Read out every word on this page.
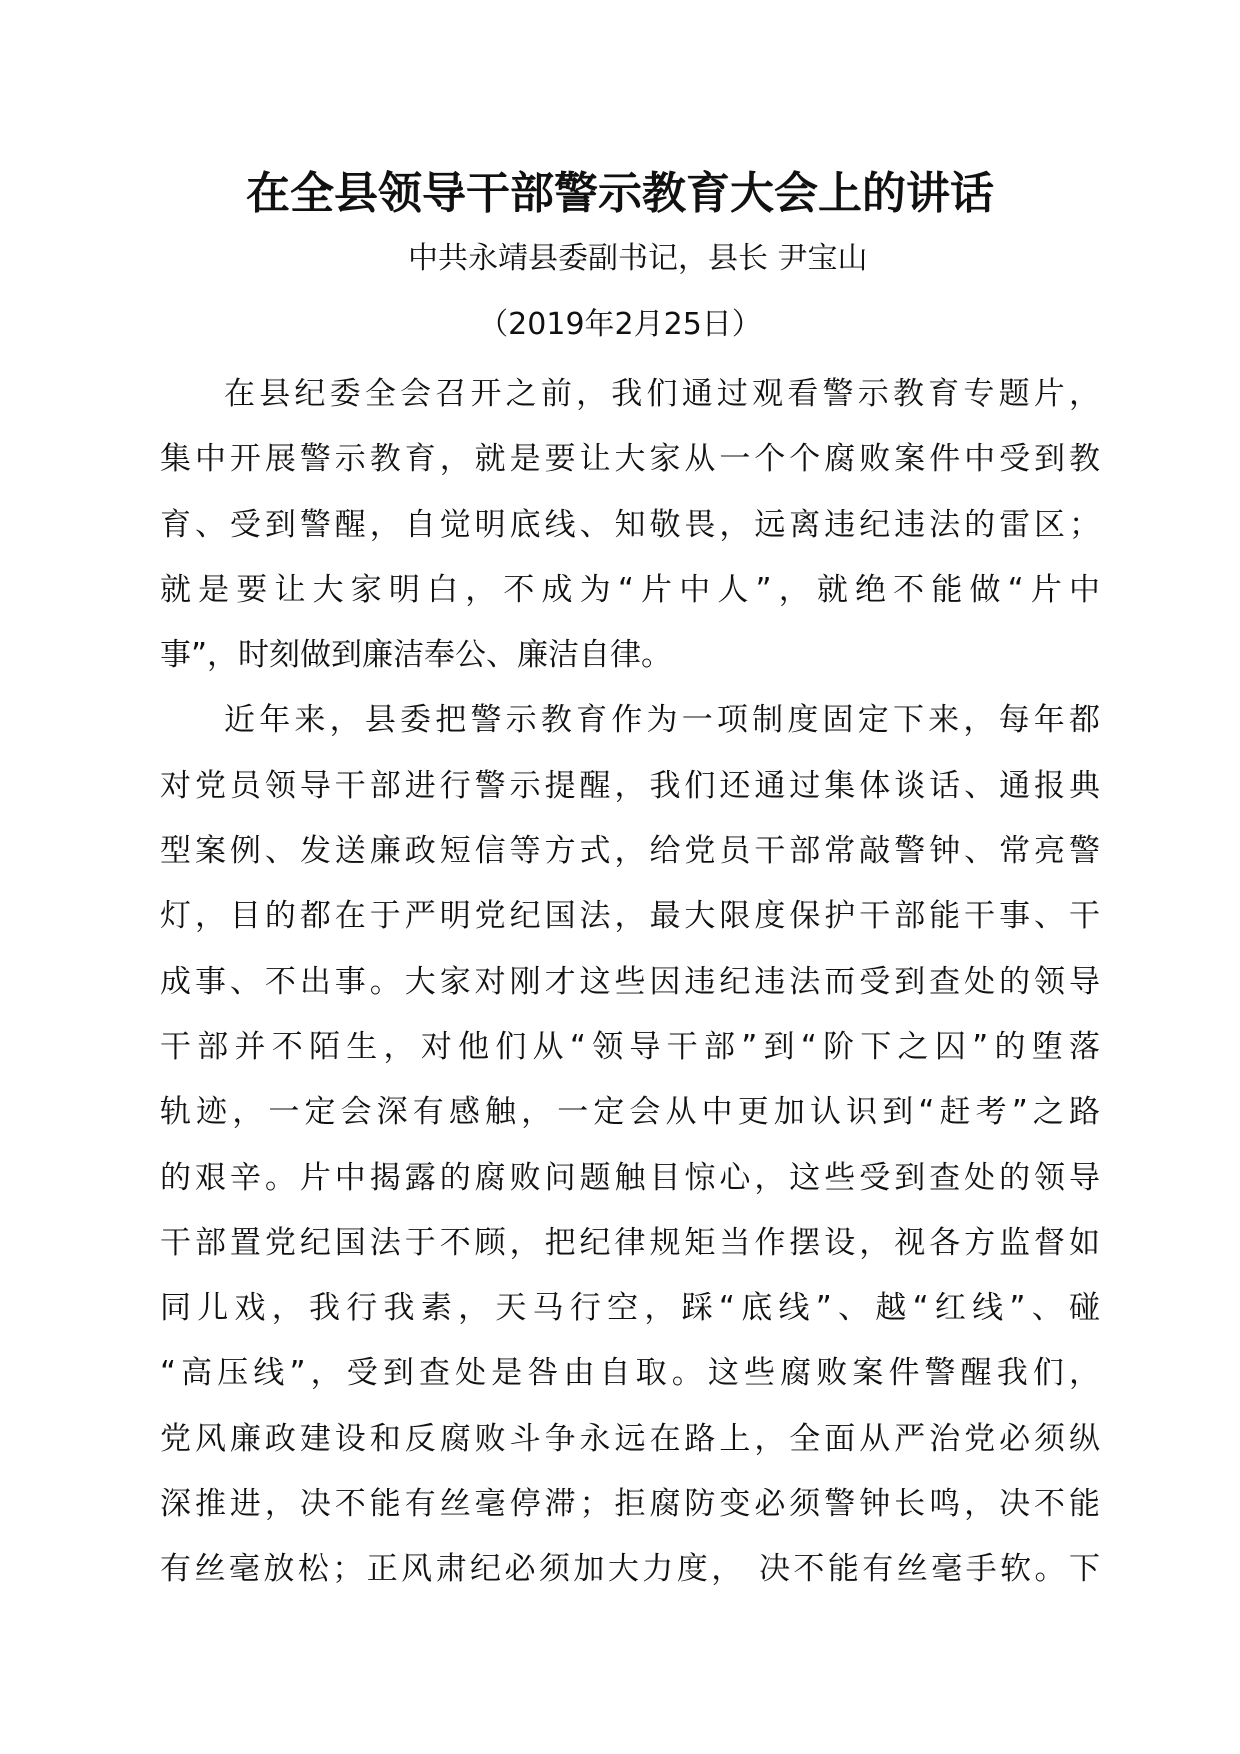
在全县领导干部警示教育大会上的讲话
中共永靖县委副书记，县长 尹宝山
（2019年2月25日）
在县纪委全会召开之前，我们通过观看警示教育专题片，
集中开展警示教育，就是要让大家从一个个腐败案件中受到教
育、受到警醒，自觉明底线、知敬畏，远离违纪违法的雷区；
就是要让大家明白，不成为“片中人”，就绝不能做“片中
事”，时刻做到廉洁奉公、廉洁自律。
近年来，县委把警示教育作为一项制度固定下来，每年都
对党员领导干部进行警示提醒，我们还通过集体谈话、通报典
型案例、发送廉政短信等方式，给党员干部常敲警钟、常亮警
灯，目的都在于严明党纪国法，最大限度保护干部能干事、干
成事、不出事。大家对刚才这些因违纪违法而受到查处的领导
干部并不陌生，对他们从“领导干部”到“阶下之囚”的堕落
轨迹，一定会深有感触，一定会从中更加认识到“赶考”之路
的艰辛。片中揭露的腐败问题触目惊心，这些受到查处的领导
干部置党纪国法于不顾，把纪律规矩当作摆设，视各方监督如
同儿戏，我行我素，天马行空，踩“底线”、越“红线”、碰
“高压线”，受到查处是咎由自取。这些腐败案件警醒我们，
党风廉政建设和反腐败斗争永远在路上，全面从严治党必须纵
深推进，决不能有丝毫停滞；拒腐防变必须警钟长鸣，决不能
有丝毫放松；正风肃纪必须加大力度， 决不能有丝毫手软。下
